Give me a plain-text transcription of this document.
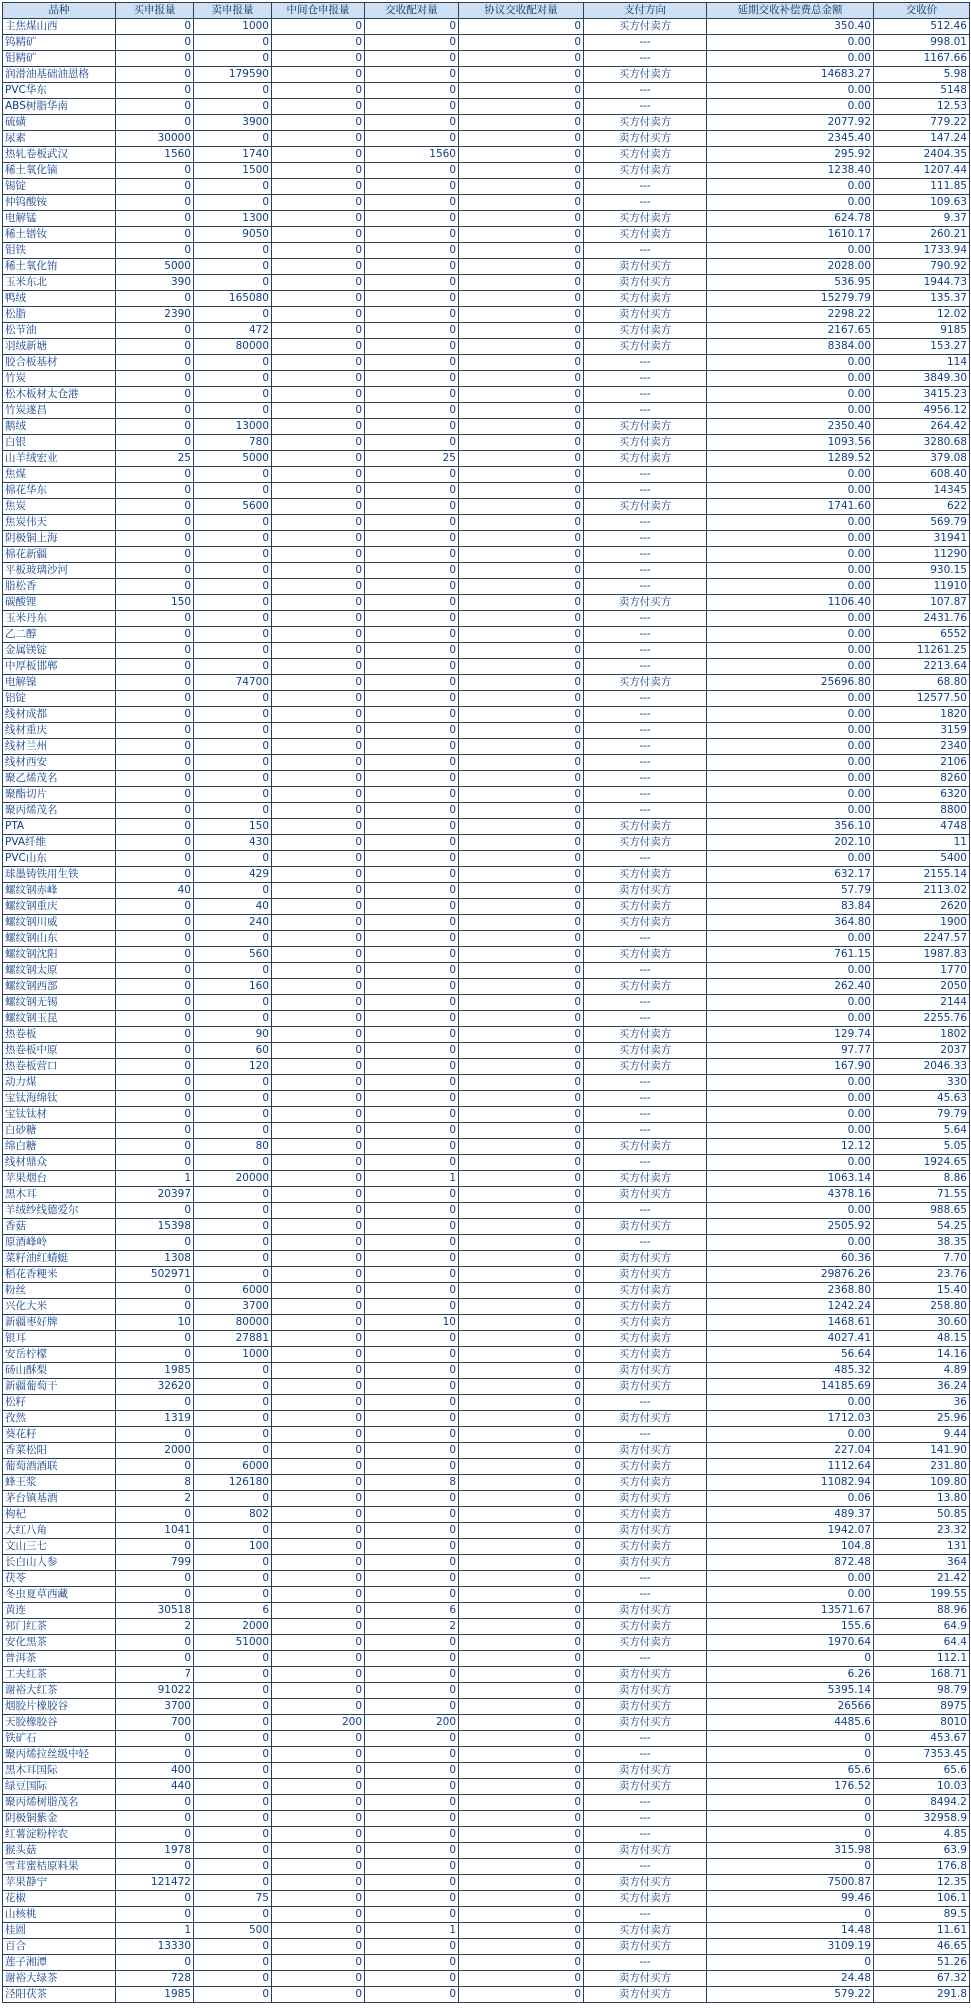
品种	买申报量	卖申报量	中间仓申报量	交收配对量	协议交收配对量	支付方向	延期交收补偿费总金额	交收价
主焦煤山西	0	1000	0	0	0	买方付卖方	350.40	512.46
钨精矿	0	0	0	0	0	---	0.00	998.01
钼精矿	0	0	0	0	0	---	0.00	1167.66
润滑油基础油恩格	0	179590	0	0	0	买方付卖方	14683.27	5.98
PVC华东	0	0	0	0	0	---	0.00	5148
ABS树脂华南	0	0	0	0	0	---	0.00	12.53
硫磺	0	3900	0	0	0	买方付卖方	2077.92	779.22
尿素	30000	0	0	0	0	卖方付买方	2345.40	147.24
热轧卷板武汉	1560	1740	0	1560	0	买方付卖方	295.92	2404.35
稀土氧化镝	0	1500	0	0	0	买方付卖方	1238.40	1207.44
锡锭	0	0	0	0	0	---	0.00	111.85
仲钨酸铵	0	0	0	0	0	---	0.00	109.63
电解锰	0	1300	0	0	0	买方付卖方	624.78	9.37
稀土镨钕	0	9050	0	0	0	买方付卖方	1610.17	260.21
钼铁	0	0	0	0	0	---	0.00	1733.94
稀土氧化铕	5000	0	0	0	0	卖方付买方	2028.00	790.92
玉米东北	390	0	0	0	0	卖方付买方	536.95	1944.73
鸭绒	0	165080	0	0	0	买方付卖方	15279.79	135.37
松脂	2390	0	0	0	0	卖方付买方	2298.22	12.02
松节油	0	472	0	0	0	买方付卖方	2167.65	9185
羽绒新塘	0	80000	0	0	0	买方付卖方	8384.00	153.27
胶合板基材	0	0	0	0	0	---	0.00	114
竹炭	0	0	0	0	0	---	0.00	3849.30
松木板材太仓港	0	0	0	0	0	---	0.00	3415.23
竹炭遂昌	0	0	0	0	0	---	0.00	4956.12
鹅绒	0	13000	0	0	0	买方付卖方	2350.40	264.42
白银	0	780	0	0	0	买方付卖方	1093.56	3280.68
山羊绒宏业	25	5000	0	25	0	买方付卖方	1289.52	379.08
焦煤	0	0	0	0	0	---	0.00	608.40
棉花华东	0	0	0	0	0	---	0.00	14345
焦炭	0	5600	0	0	0	买方付卖方	1741.60	622
焦炭伟天	0	0	0	0	0	---	0.00	569.79
阴极铜上海	0	0	0	0	0	---	0.00	31941
棉花新疆	0	0	0	0	0	---	0.00	11290
平板玻璃沙河	0	0	0	0	0	---	0.00	930.15
脂松香	0	0	0	0	0	---	0.00	11910
碳酸锂	150	0	0	0	0	卖方付买方	1106.40	107.87
玉米丹东	0	0	0	0	0	---	0.00	2431.76
乙二醇	0	0	0	0	0	---	0.00	6552
金属镁锭	0	0	0	0	0	---	0.00	11261.25
中厚板邯郸	0	0	0	0	0	---	0.00	2213.64
电解镍	0	74700	0	0	0	买方付卖方	25696.80	68.80
铝锭	0	0	0	0	0	---	0.00	12577.50
线材成都	0	0	0	0	0	---	0.00	1820
线材重庆	0	0	0	0	0	---	0.00	3159
线材兰州	0	0	0	0	0	---	0.00	2340
线材西安	0	0	0	0	0	---	0.00	2106
聚乙烯茂名	0	0	0	0	0	---	0.00	8260
聚酯切片	0	0	0	0	0	---	0.00	6320
聚丙烯茂名	0	0	0	0	0	---	0.00	8800
PTA	0	150	0	0	0	买方付卖方	356.10	4748
PVA纤维	0	430	0	0	0	买方付卖方	202.10	11
PVC山东	0	0	0	0	0	---	0.00	5400
球墨铸铁用生铁	0	429	0	0	0	买方付卖方	632.17	2155.14
螺纹钢赤峰	40	0	0	0	0	卖方付买方	57.79	2113.02
螺纹钢重庆	0	40	0	0	0	买方付卖方	83.84	2620
螺纹钢川威	0	240	0	0	0	买方付卖方	364.80	1900
螺纹钢山东	0	0	0	0	0	---	0.00	2247.57
螺纹钢沈阳	0	560	0	0	0	买方付卖方	761.15	1987.83
螺纹钢太原	0	0	0	0	0	---	0.00	1770
螺纹钢西部	0	160	0	0	0	买方付卖方	262.40	2050
螺纹钢无锡	0	0	0	0	0	---	0.00	2144
螺纹钢玉昆	0	0	0	0	0	---	0.00	2255.76
热卷板	0	90	0	0	0	买方付卖方	129.74	1802
热卷板中原	0	60	0	0	0	买方付卖方	97.77	2037
热卷板营口	0	120	0	0	0	买方付卖方	167.90	2046.33
动力煤	0	0	0	0	0	---	0.00	330
宝钛海绵钛	0	0	0	0	0	---	0.00	45.63
宝钛钛材	0	0	0	0	0	---	0.00	79.79
白砂糖	0	0	0	0	0	---	0.00	5.64
绵白糖	0	80	0	0	0	买方付卖方	12.12	5.05
线材鼎众	0	0	0	0	0	---	0.00	1924.65
苹果烟台	1	20000	0	1	0	买方付卖方	1063.14	8.86
黑木耳	20397	0	0	0	0	卖方付买方	4378.16	71.55
羊绒纱线德爱尔	0	0	0	0	0	---	0.00	988.65
香菇	15398	0	0	0	0	卖方付买方	2505.92	54.25
原酒峰岭	0	0	0	0	0	---	0.00	38.35
菜籽油红蜻蜓	1308	0	0	0	0	卖方付买方	60.36	7.70
稻花香粳米	502971	0	0	0	0	卖方付买方	29876.26	23.76
粉丝	0	6000	0	0	0	买方付卖方	2368.80	15.40
兴化大米	0	3700	0	0	0	买方付卖方	1242.24	258.80
新疆枣好牌	10	80000	0	10	0	买方付卖方	1468.61	30.60
银耳	0	27881	0	0	0	买方付卖方	4027.41	48.15
安岳柠檬	0	1000	0	0	0	买方付卖方	56.64	14.16
砀山酥梨	1985	0	0	0	0	卖方付买方	485.32	4.89
新疆葡萄干	32620	0	0	0	0	卖方付买方	14185.69	36.24
松籽	0	0	0	0	0	---	0.00	36
孜然	1319	0	0	0	0	卖方付买方	1712.03	25.96
葵花籽	0	0	0	0	0	---	0.00	9.44
香菜松阳	2000	0	0	0	0	卖方付买方	227.04	141.90
葡萄酒酒联	0	6000	0	0	0	买方付卖方	1112.64	231.80
蜂王浆	8	126180	0	8	0	买方付卖方	11082.94	109.80
茅台镇基酒	2	0	0	0	0	卖方付买方	0.06	13.80
枸杞	0	802	0	0	0	买方付卖方	489.37	50.85
大红八角	1041	0	0	0	0	卖方付买方	1942.07	23.32
文山三七	0	100	0	0	0	买方付卖方	104.8	131
长白山人参	799	0	0	0	0	卖方付买方	872.48	364
茯苓	0	0	0	0	0	---	0.00	21.42
冬虫夏草西藏	0	0	0	0	0	---	0.00	199.55
黄连	30518	6	0	6	0	卖方付买方	13571.67	88.96
祁门红茶	2	2000	0	2	0	买方付卖方	155.6	64.9
安化黑茶	0	51000	0	0	0	买方付卖方	1970.64	64.4
普洱茶	0	0	0	0	0	---	0	112.1
工夫红茶	7	0	0	0	0	卖方付买方	6.26	168.71
谢裕大红茶	91022	0	0	0	0	卖方付买方	5395.14	98.79
烟胶片橡胶谷	3700	0	0	0	0	卖方付买方	26566	8975
天胶橡胶谷	700	0	200	200	0	卖方付买方	4485.6	8010
铁矿石	0	0	0	0	0	---	0	453.67
聚丙烯拉丝级中轻	0	0	0	0	0	---	0	7353.45
黑木耳国际	400	0	0	0	0	卖方付买方	65.6	65.6
绿豆国际	440	0	0	0	0	卖方付买方	176.52	10.03
聚丙烯树脂茂名	0	0	0	0	0	---	0	8494.2
阴极铜紫金	0	0	0	0	0	---	0	32958.9
红薯淀粉梓农	0	0	0	0	0	---	0	4.85
猴头菇	1978	0	0	0	0	卖方付买方	315.98	63.9
雪茸蜜桔原料果	0	0	0	0	0	---	0	176.8
苹果静宁	121472	0	0	0	0	卖方付买方	7500.87	12.35
花椒	0	75	0	0	0	买方付卖方	99.46	106.1
山核桃	0	0	0	0	0	---	0	89.5
桂圆	1	500	0	1	0	买方付卖方	14.48	11.61
百合	13330	0	0	0	0	卖方付买方	3109.19	46.65
莲子湘潭	0	0	0	0	0	---	0	51.26
谢裕大绿茶	728	0	0	0	0	卖方付买方	24.48	67.32
泾阳茯茶	1985	0	0	0	0	卖方付买方	579.22	291.8
